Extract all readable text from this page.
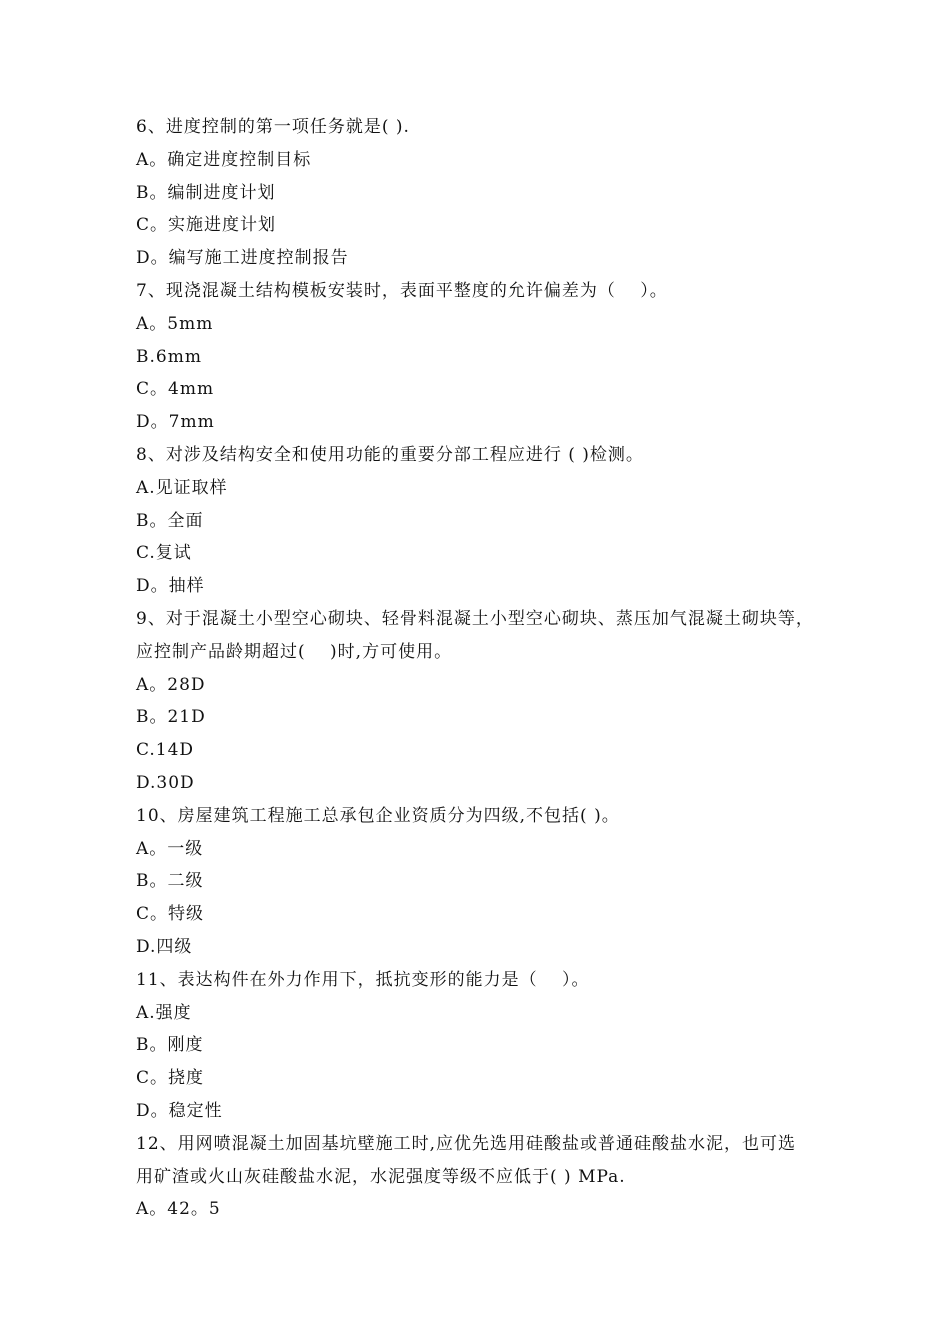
6、进度控制的第一项任务就是( ).
A。确定进度控制目标
B。编制进度计划
C。实施进度计划
D。编写施工进度控制报告
7、现浇混凝土结构模板安装时，表面平整度的允许偏差为（　 ）。
A。5mm
B.6mm
C。4mm
D。7mm
8、对涉及结构安全和使用功能的重要分部工程应进行 ( )检测。
A.见证取样
B。全面
C.复试
D。抽样
9、对于混凝土小型空心砌块、轻骨料混凝土小型空心砌块、蒸压加气混凝土砌块等，
应控制产品龄期超过(　 )时,方可使用。
A。28D
B。21D
C.14D
D.30D
10、房屋建筑工程施工总承包企业资质分为四级,不包括( )。
A。一级
B。二级
C。特级
D.四级
11、表达构件在外力作用下，抵抗变形的能力是（　 ）。
A.强度
B。刚度
C。挠度
D。稳定性
12、用网喷混凝土加固基坑壁施工时,应优先选用硅酸盐或普通硅酸盐水泥，也可选
用矿渣或火山灰硅酸盐水泥，水泥强度等级不应低于( ) MPa.
A。42。5
